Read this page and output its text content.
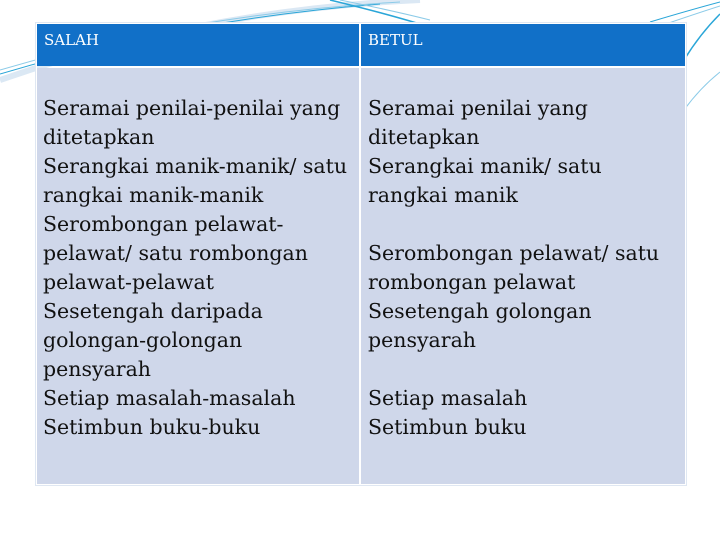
SALAH
Seramai penilai-penilai yang
ditetapkan
Serangkai manik-manik/ satu
rangkai manik-manik
Serombongan pelawat-
pelawat/ satu rombongan
pelawat-pelawat
Sesetengah daripada
golongan-golongan
pensyarah
Setiap masalah-masalah
Setimbun buku-buku
BETUL
Seramai penilai yang
ditetapkan
Serangkai manik/ satu
rangkai manik
Serombongan pelawat/ satu
rombongan pelawat
Sesetengah golongan
pensyarah
Setiap masalah
Setimbun buku
